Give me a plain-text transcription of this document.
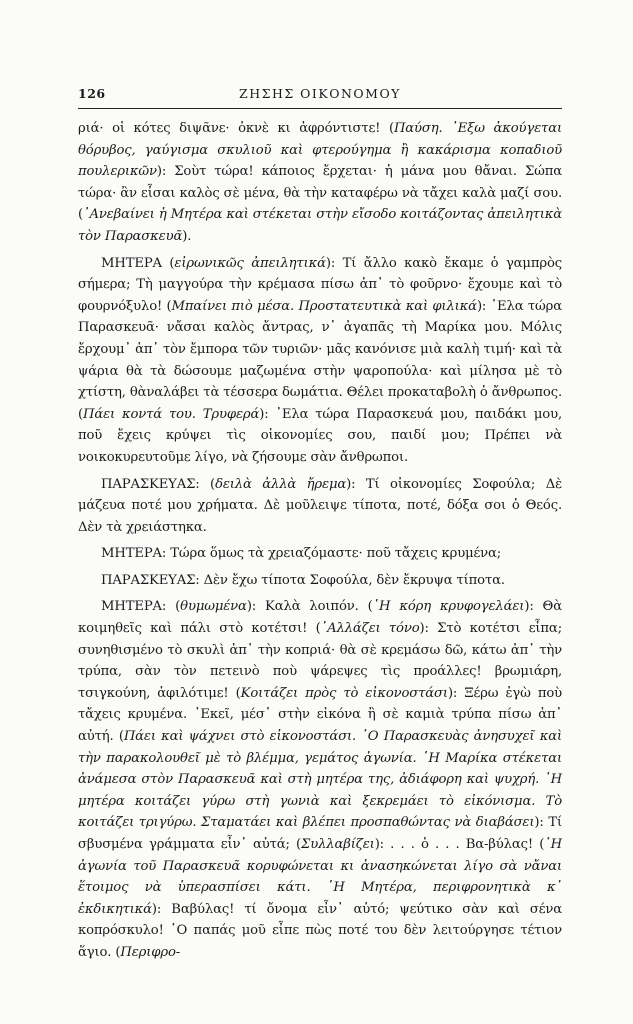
126	ΖΗΣΗΣ ΟΙΚΟΝΟΜΟΥ

ριά· οἱ κότες διψᾶνε· ὀκνὲ κι ἀφρόντιστε! (Παύση. ᾽Εξω ἀκούγεται θόρυβος, γαύγισμα σκυλιοῦ καὶ φτερούγημα ἢ κακάρισμα κοπαδιοῦ πουλερικῶν): Σοὺτ τώρα! κάποιος ἔρχεται· ἡ μάνα μου θἄναι. Σώπα τώρα· ἂν εἶσαι καλὸς σὲ μένα, θὰ τὴν καταφέρω νὰ τἄχει καλὰ μαζί σου. (᾽Ανεβαίνει ἡ Μητέρα καὶ στέκεται στὴν εἴσοδο κοιτάζοντας ἀπειλητικὰ τὸν Παρασκευᾶ).

ΜΗΤΕΡΑ (εἰρωνικῶς ἀπειλητικά): Τί ἄλλο κακὸ ἔκαμε ὁ γαμπρὸς σήμερα; Τὴ μαγγούρα τὴν κρέμασα πίσω ἀπ᾽ τὸ φοῦρνο· ἔχουμε καὶ τὸ φουρνόξυλο! (Μπαίνει πιὸ μέσα. Προστατευτικὰ καὶ φιλικά): ᾽Ελα τώρα Παρασκευᾶ· νἄσαι καλὸς ἄντρας, ν᾽ ἀγαπᾶς τὴ Μαρίκα μου. Μόλις ἔρχουμ᾽ ἀπ᾽ τὸν ἔμπορα τῶν τυριῶν· μᾶς κανόνισε μιὰ καλὴ τιμή· καὶ τὰ ψάρια θὰ τὰ δώσουμε μαζωμένα στὴν ψαροπούλα· καὶ μίλησα μὲ τὸ χτίστη, θὰναλάβει τὰ τέσσερα δωμάτια. Θέλει προκαταβολὴ ὁ ἄνθρωπος. (Πάει κοντά του. Τρυφερά): ᾽Ελα τώρα Παρασκευά μου, παιδάκι μου, ποῦ ἔχεις κρύψει τὶς οἰκονομίες σου, παιδί μου; Πρέπει νὰ νοικοκυρευτοῦμε λίγο, νὰ ζήσουμε σὰν ἄνθρωποι.

ΠΑΡΑΣΚΕΥΑΣ: (δειλὰ ἀλλὰ ἤρεμα): Τί οἰκονομίες Σοφούλα; Δὲ μάζευα ποτέ μου χρήματα. Δὲ μοῦλειψε τίποτα, ποτέ, δόξα σοι ὁ Θεός. Δὲν τὰ χρειάστηκα.

ΜΗΤΕΡΑ: Τώρα ὅμως τὰ χρειαζόμαστε· ποῦ τἄχεις κρυμένα;

ΠΑΡΑΣΚΕΥΑΣ: Δὲν ἔχω τίποτα Σοφούλα, δὲν ἔκρυψα τίποτα.

ΜΗΤΕΡΑ: (θυμωμένα): Καλὰ λοιπόν. (῾Η κόρη κρυφογελάει): Θὰ κοιμηθεῖς καὶ πάλι στὸ κοτέτσι! (᾽Αλλάζει τόνο): Στὸ κοτέτσι εἶπα; συνηθισμένο τὸ σκυλὶ ἀπ᾽ τὴν κοπριά· θὰ σὲ κρεμάσω δῶ, κάτω ἀπ᾽ τὴν τρύπα, σὰν τὸν πετεινὸ ποὺ ψάρεψες τὶς προάλλες! βρωμιάρη, τσιγκούνη, ἀφιλότιμε! (Κοιτάζει πρὸς τὸ εἰκονοστάσι): Ξέρω ἐγὼ ποὺ τἄχεις κρυμένα. ᾽Εκεῖ, μέσ᾽ στὴν εἰκόνα ἢ σὲ καμιὰ τρύπα πίσω ἀπ᾽ αὐτή. (Πάει καὶ ψάχνει στὸ εἰκονοστάσι. ῾Ο Παρασκευὰς ἀνησυχεῖ καὶ τὴν παρακολουθεῖ μὲ τὸ βλέμμα, γεμάτος ἀγωνία. ῾Η Μαρίκα στέκεται ἀνάμεσα στὸν Παρασκευᾶ καὶ στὴ μητέρα της, ἀδιάφορη καὶ ψυχρή. ῾Η μητέρα κοιτάζει γύρω στὴ γωνιὰ καὶ ξεκρεμάει τὸ εἰκόνισμα. Τὸ κοιτάζει τριγύρω. Σταματάει καὶ βλέπει προσπαθώντας νὰ διαβάσει): Τί σβυσμένα γράμματα εἶν᾽ αὐτά; (Συλλαβίζει): . . . ὁ . . . Βα-βύλας! (῾Η ἀγωνία τοῦ Παρασκευᾶ κορυφώνεται κι ἀνασηκώνεται λίγο σὰ νἄναι ἕτοιμος νὰ ὑπερασπίσει κάτι. ῾Η Μητέρα, περιφρονητικὰ κ᾽ ἐκδικητικά): Βαβύλας! τί ὄνομα εἶν᾽ αὐτό; ψεύτικο σὰν καὶ σένα κοπρόσκυλο! ῾Ο παπάς μοῦ εἶπε πὼς ποτέ του δὲν λειτούργησε τέτιον ἅγιο. (Περιφρο-
